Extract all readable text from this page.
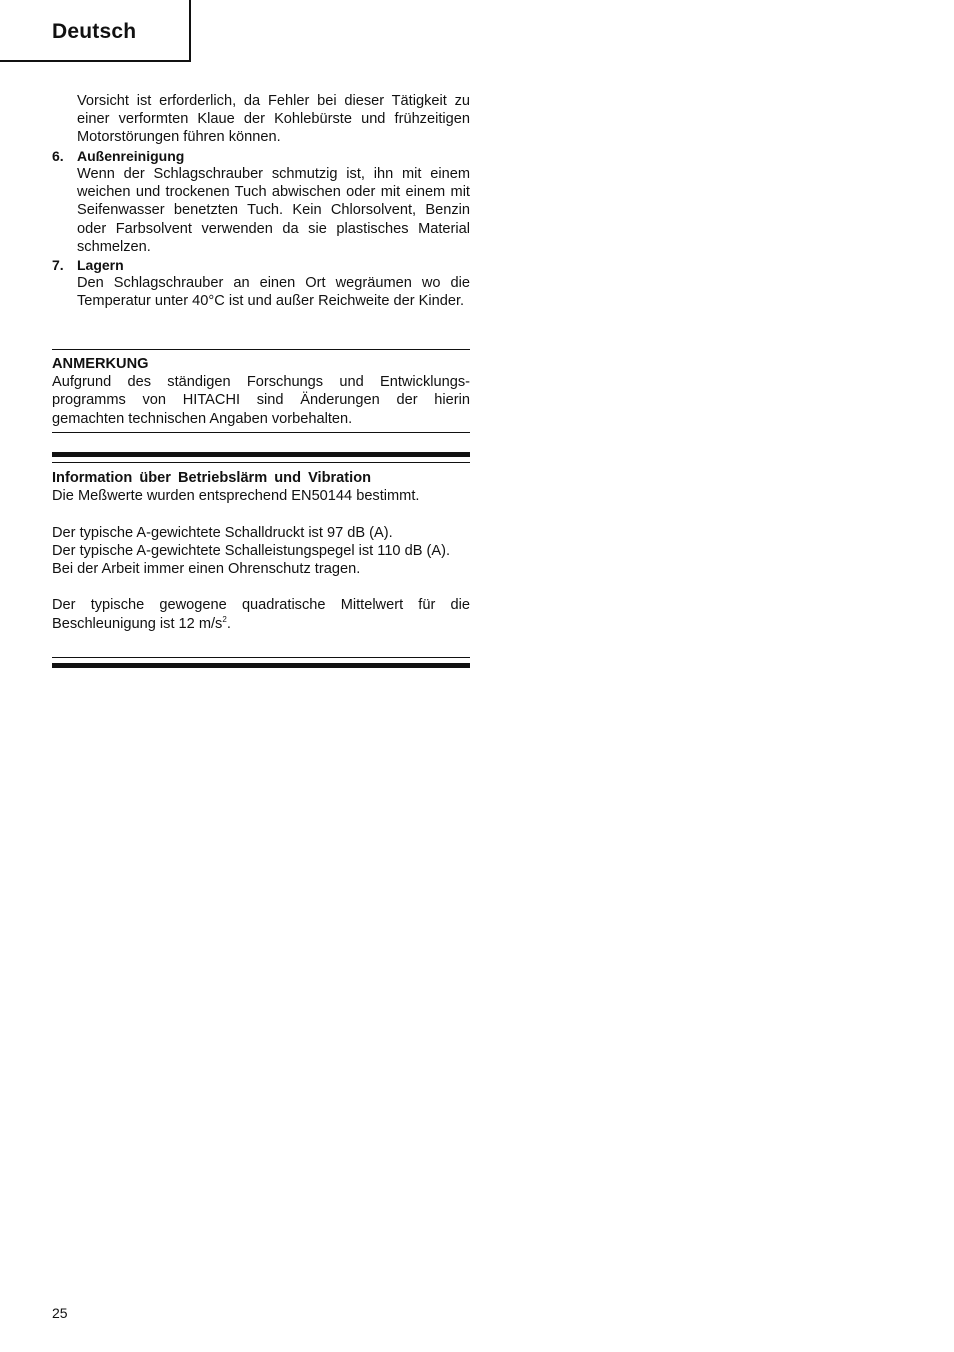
Deutsch

Vorsicht ist erforderlich, da Fehler bei dieser Tätigkeit zu einer verformten Klaue der Kohlebürste und frühzeitigen Motorstörungen führen können.

6. Außenreinigung

Wenn der Schlagschrauber schmutzig ist, ihn mit einem weichen und trockenen Tuch abwischen oder mit einem mit Seifenwasser benetzten Tuch. Kein Chlorsolvent, Benzin oder Farbsolvent verwenden da sie plastisches Material schmelzen.

7. Lagern

Den Schlagschrauber an einen Ort wegräumen wo die Temperatur unter 40°C ist und außer Reichweite der Kinder.

ANMERKUNG

Aufgrund des ständigen Forschungs und Entwicklungs-programms von HITACHI sind Änderungen der hierin gemachten technischen Angaben vorbehalten.

Information über Betriebslärm und Vibration

Die Meßwerte wurden entsprechend EN50144 bestimmt.

Der typische A-gewichtete Schalldruckt ist 97 dB (A).

Der typische A-gewichtete Schalleistungspegel ist 110 dB (A).

Bei der Arbeit immer einen Ohrenschutz tragen.

Der typische gewogene quadratische Mittelwert für die Beschleunigung ist 12 $m/s^2$.

25
